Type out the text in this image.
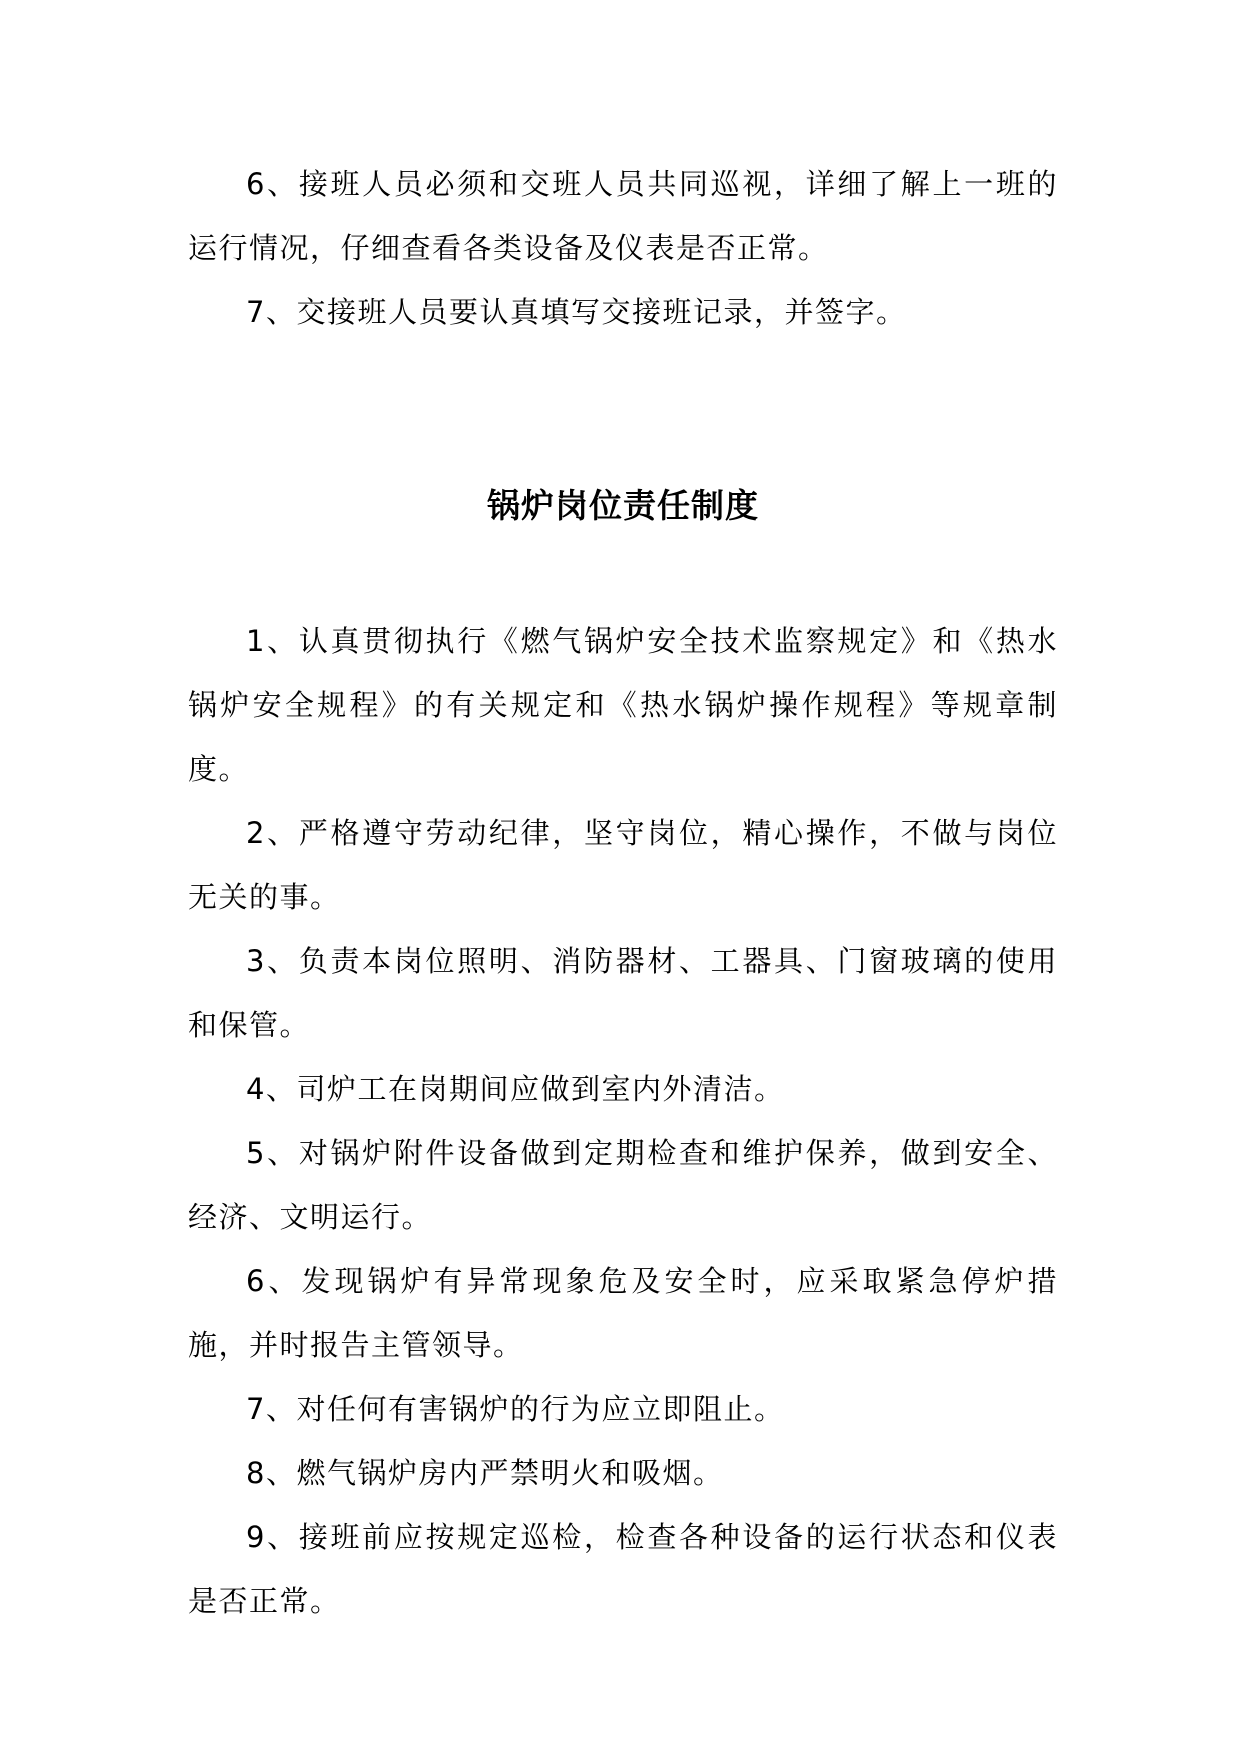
6、接班人员必须和交班人员共同巡视，详细了解上一班的运行情况，仔细查看各类设备及仪表是否正常。

7、交接班人员要认真填写交接班记录，并签字。

锅炉岗位责任制度

1、认真贯彻执行《燃气锅炉安全技术监察规定》和《热水锅炉安全规程》的有关规定和《热水锅炉操作规程》等规章制度。

2、严格遵守劳动纪律，坚守岗位，精心操作，不做与岗位无关的事。

3、负责本岗位照明、消防器材、工器具、门窗玻璃的使用和保管。

4、司炉工在岗期间应做到室内外清洁。

5、对锅炉附件设备做到定期检查和维护保养，做到安全、经济、文明运行。

6、发现锅炉有异常现象危及安全时，应采取紧急停炉措施，并时报告主管领导。

7、对任何有害锅炉的行为应立即阻止。

8、燃气锅炉房内严禁明火和吸烟。

9、接班前应按规定巡检，检查各种设备的运行状态和仪表是否正常。
